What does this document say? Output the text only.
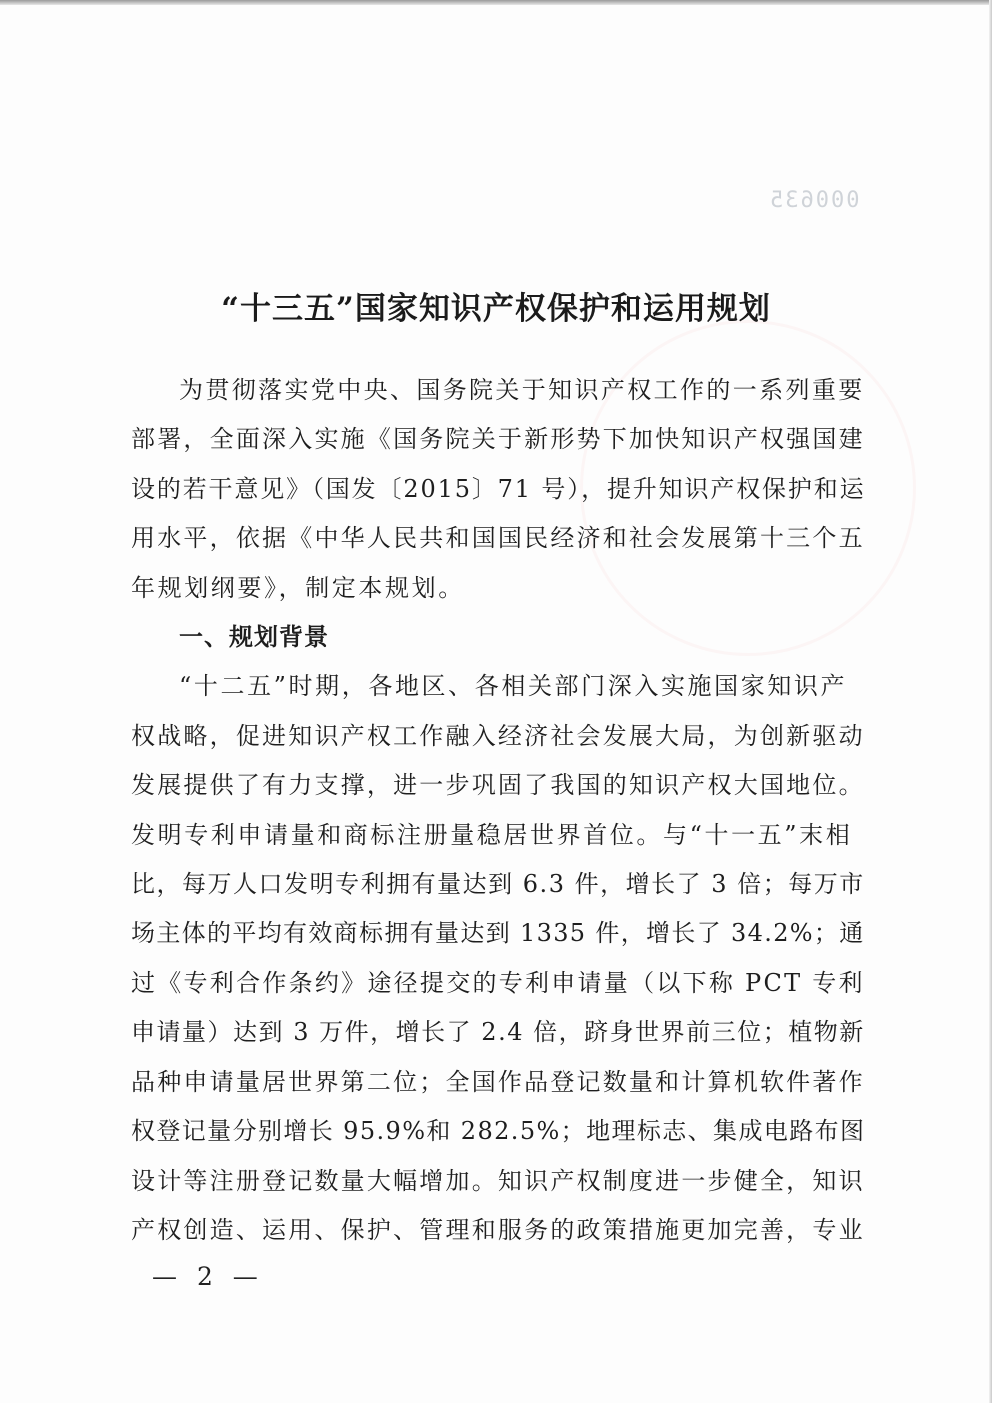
000635
“十三五”国家知识产权保护和运用规划

为贯彻落实党中央、国务院关于知识产权工作的一系列重要
部署，全面深入实施《国务院关于新形势下加快知识产权强国建
设的若干意见》（国发〔2015〕71 号），提升知识产权保护和运
用水平，依据《中华人民共和国国民经济和社会发展第十三个五
年规划纲要》，制定本规划。

一、规划背景

“十二五”时期，各地区、各相关部门深入实施国家知识产
权战略，促进知识产权工作融入经济社会发展大局，为创新驱动
发展提供了有力支撑，进一步巩固了我国的知识产权大国地位。
发明专利申请量和商标注册量稳居世界首位。与“十一五”末相
比，每万人口发明专利拥有量达到 6.3 件，增长了 3 倍；每万市
场主体的平均有效商标拥有量达到 1335 件，增长了 34.2%；通
过《专利合作条约》途径提交的专利申请量（以下称 PCT 专利
申请量）达到 3 万件，增长了 2.4 倍，跻身世界前三位；植物新
品种申请量居世界第二位；全国作品登记数量和计算机软件著作
权登记量分别增长 95.9%和 282.5%；地理标志、集成电路布图
设计等注册登记数量大幅增加。知识产权制度进一步健全，知识
产权创造、运用、保护、管理和服务的政策措施更加完善，专业

— 2 —
